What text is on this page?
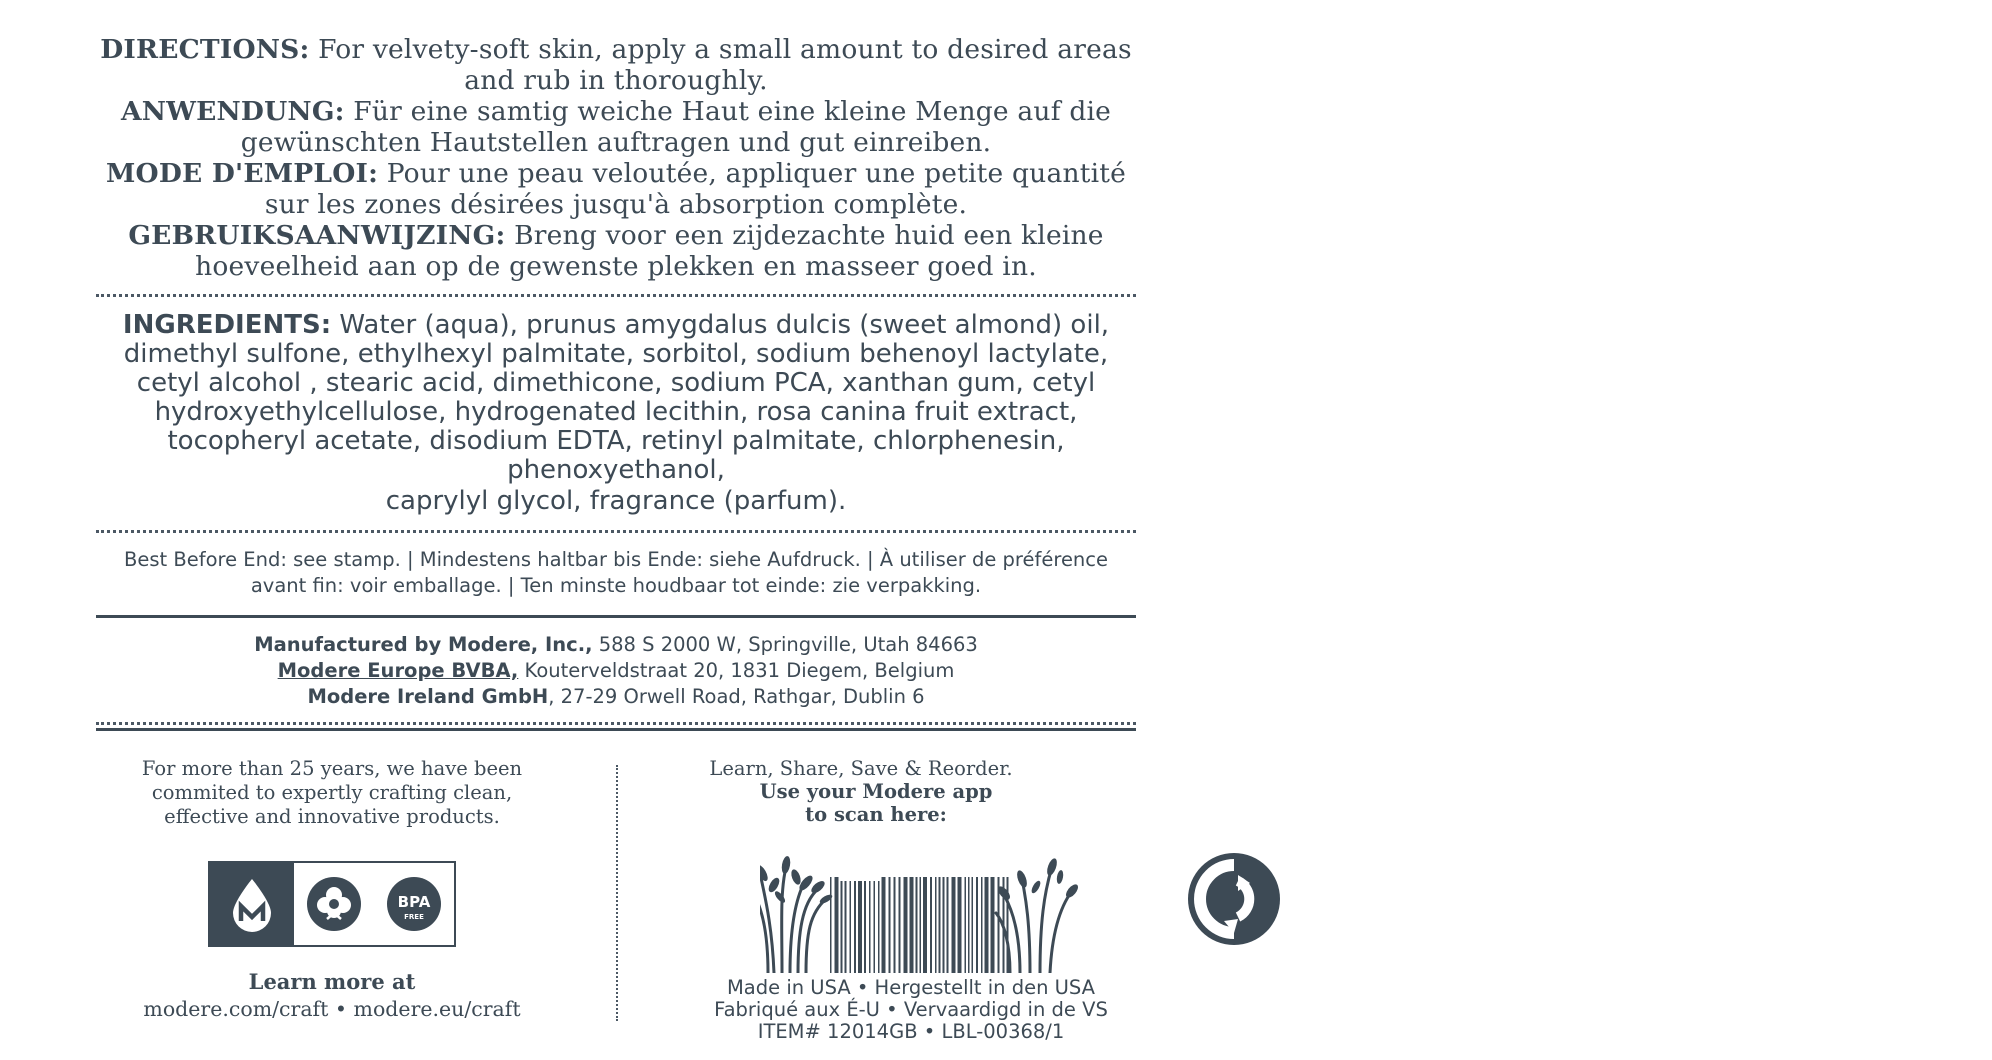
DIRECTIONS: For velvety-soft skin, apply a small amount to desired areas and rub in thoroughly.

ANWENDUNG: Für eine samtig weiche Haut eine kleine Menge auf die gewünschten Hautstellen auftragen und gut einreiben.

MODE D'EMPLOI: Pour une peau veloutée, appliquer une petite quantité sur les zones désirées jusqu'à absorption complète.

GEBRUIKSAANWIJZING: Breng voor een zijdezachte huid een kleine hoeveelheid aan op de gewenste plekken en masseer goed in.

INGREDIENTS: Water (aqua), prunus amygdalus dulcis (sweet almond) oil, dimethyl sulfone, ethylhexyl palmitate, sorbitol, sodium behenoyl lactylate, cetyl alcohol , stearic acid, dimethicone, sodium PCA, xanthan gum, cetyl hydroxyethylcellulose, hydrogenated lecithin, rosa canina fruit extract, tocopheryl acetate, disodium EDTA, retinyl palmitate, chlorphenesin, phenoxyethanol,
caprylyl glycol, fragrance (parfum).
Best Before End: see stamp. | Mindestens haltbar bis Ende: siehe Aufdruck. | À utiliser de préférence avant fin: voir emballage. | Ten minste houdbaar tot einde: zie verpakking.
Manufactured by Modere, Inc., 588 S 2000 W, Springville, Utah 84663
Modere Europe BVBA, Kouterveldstraat 20, 1831 Diegem, Belgium
Modere Ireland GmbH, 27-29 Orwell Road, Rathgar, Dublin 6
For more than 25 years, we have been commited to expertly crafting clean, effective and innovative products.
BPA
FREE
Learn more at
modere.com/craft • modere.eu/craft
Learn, Share, Save & Reorder.
Use your Modere app
to scan here:
Made in USA • Hergestellt in den USA
Fabriqué aux É-U • Vervaardigd in de VS
ITEM# 12014GB • LBL-00368/1
